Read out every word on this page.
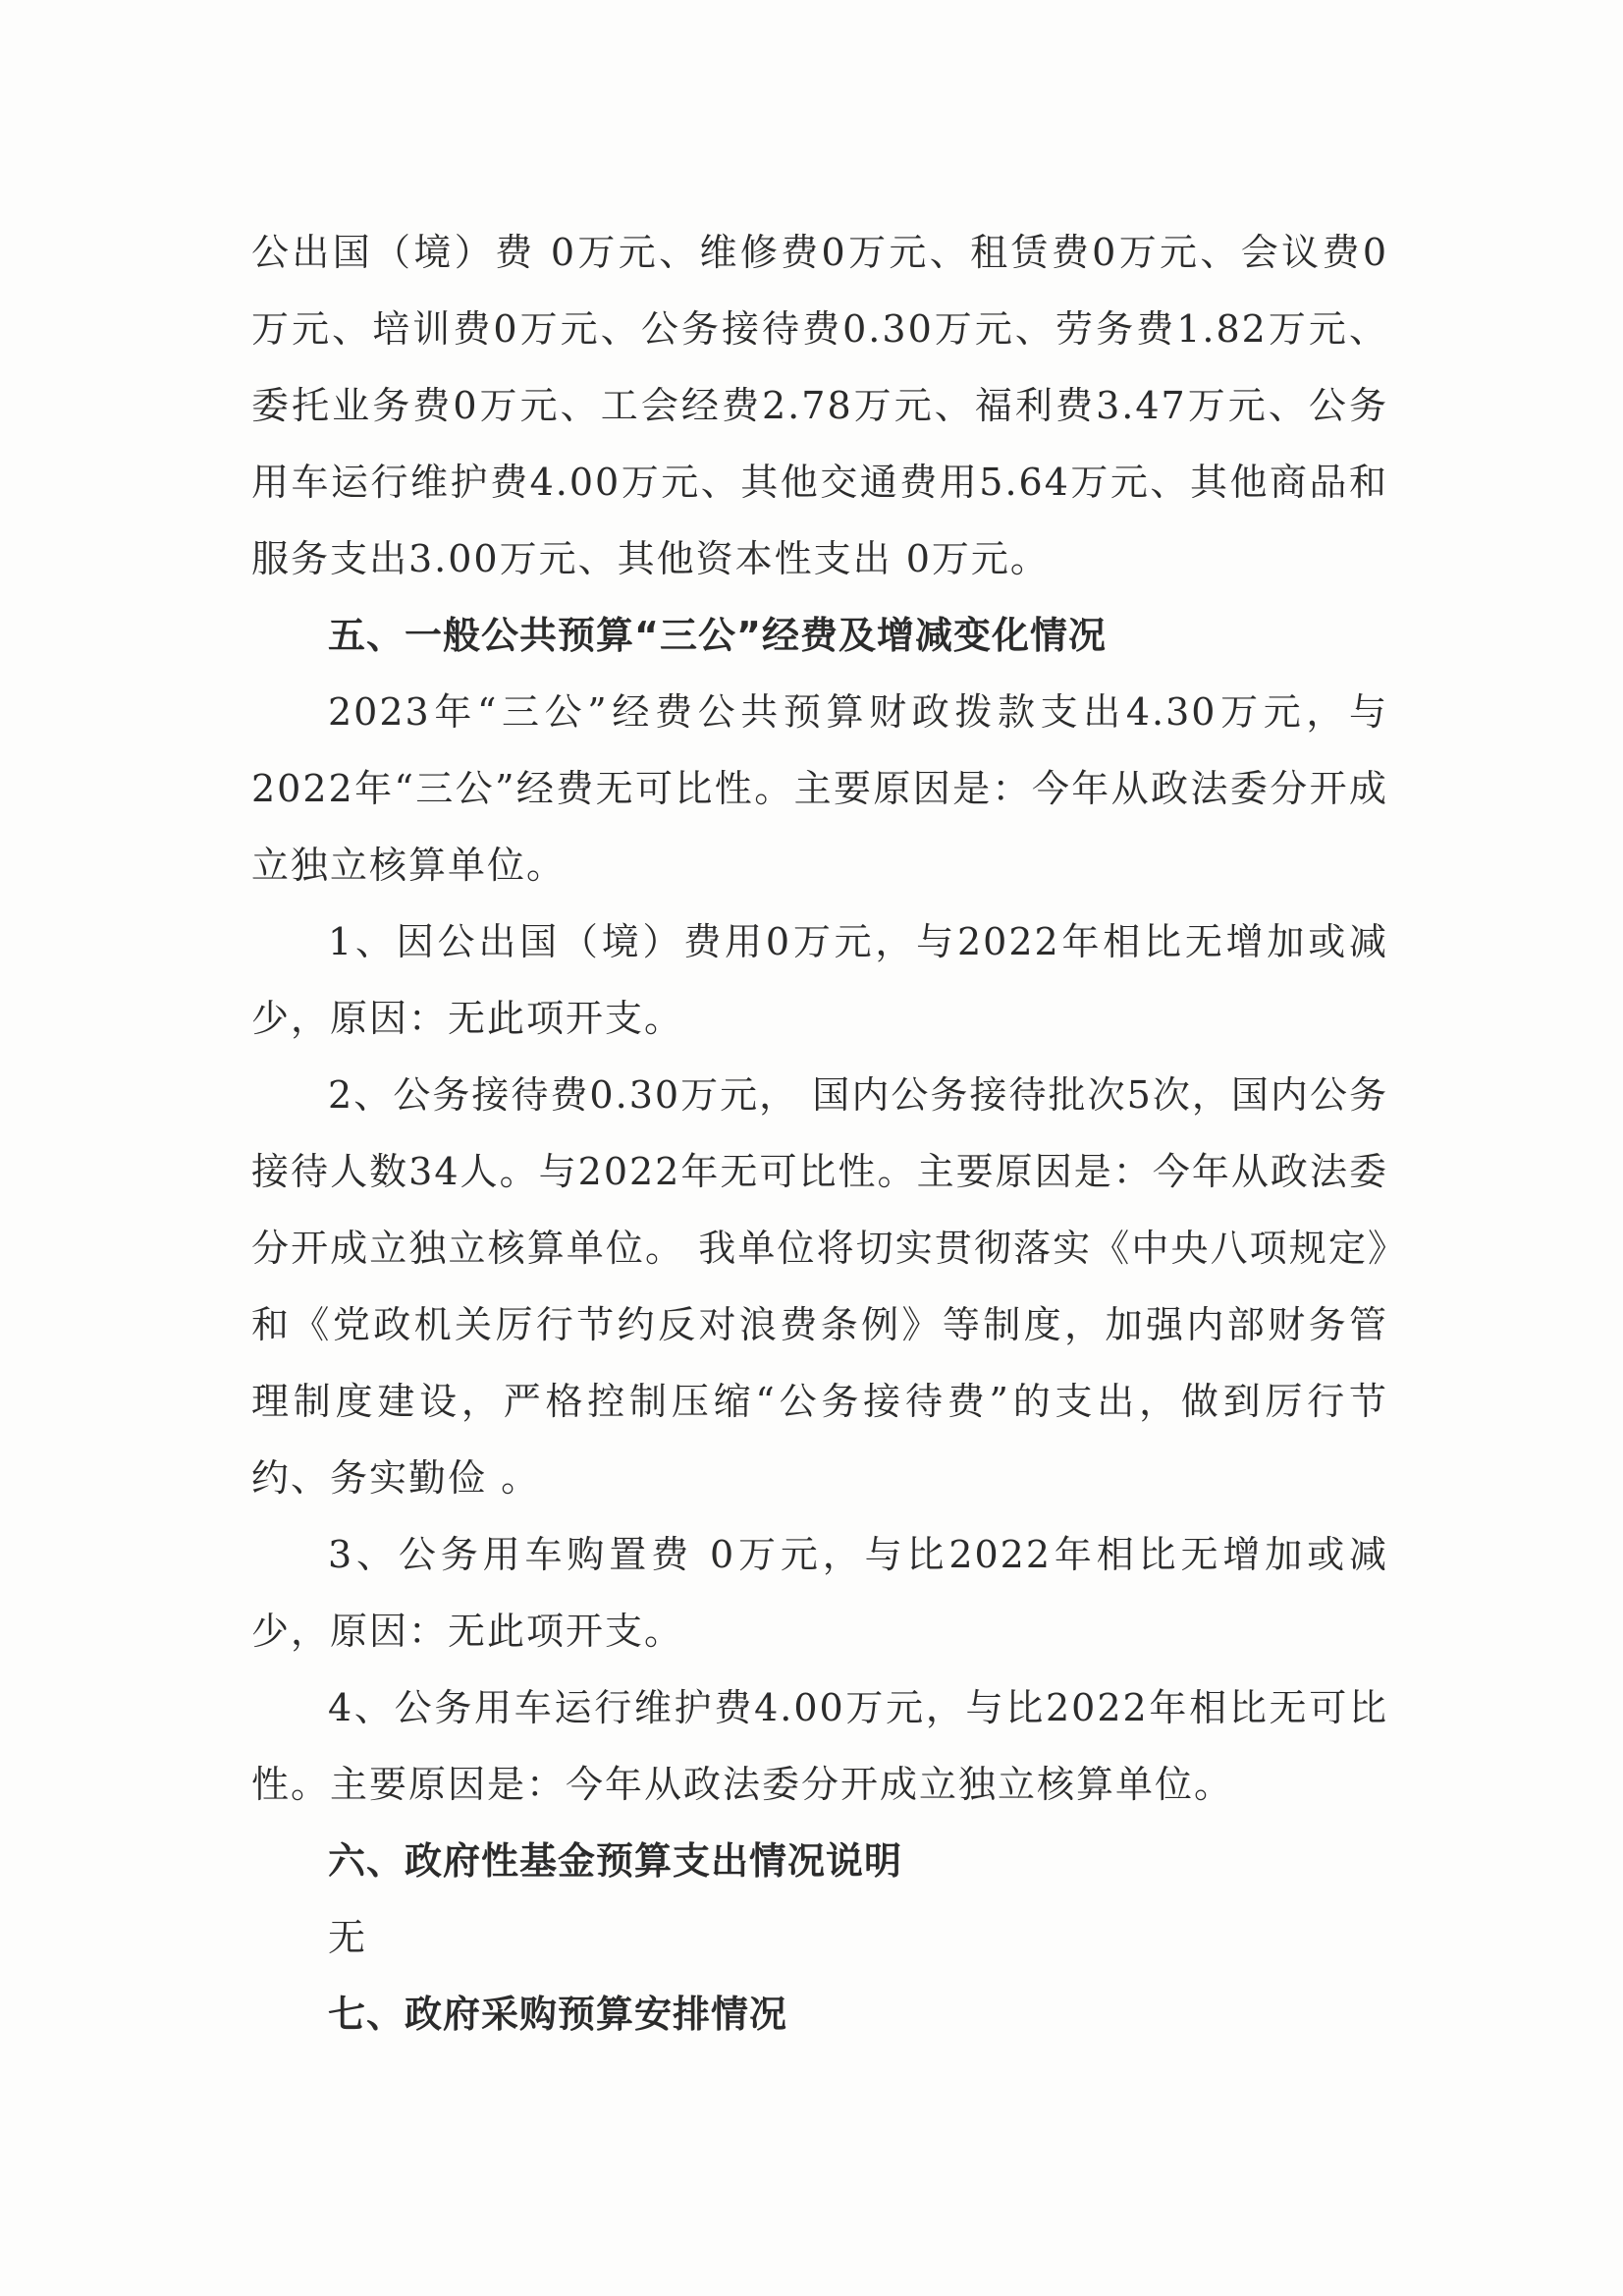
公出国（境）费 0万元、维修费0万元、租赁费0万元、会议费0万元、培训费0万元、公务接待费0.30万元、劳务费1.82万元、委托业务费0万元、工会经费2.78万元、福利费3.47万元、公务用车运行维护费4.00万元、其他交通费用5.64万元、其他商品和服务支出3.00万元、其他资本性支出 0万元。

五、一般公共预算“三公”经费及增减变化情况

2023年“三公”经费公共预算财政拨款支出4.30万元，与2022年“三公”经费无可比性。主要原因是：今年从政法委分开成立独立核算单位。

1、因公出国（境）费用0万元，与2022年相比无增加或减少，原因：无此项开支。

2、公务接待费0.30万元， 国内公务接待批次5次，国内公务接待人数34人。与2022年无可比性。主要原因是：今年从政法委分开成立独立核算单位。 我单位将切实贯彻落实《中央八项规定》和《党政机关厉行节约反对浪费条例》等制度，加强内部财务管理制度建设，严格控制压缩“公务接待费”的支出，做到厉行节约、务实勤俭 。

3、公务用车购置费 0万元，与比2022年相比无增加或减少，原因：无此项开支。

4、公务用车运行维护费4.00万元，与比2022年相比无可比性。主要原因是：今年从政法委分开成立独立核算单位。

六、政府性基金预算支出情况说明

无

七、政府采购预算安排情况
